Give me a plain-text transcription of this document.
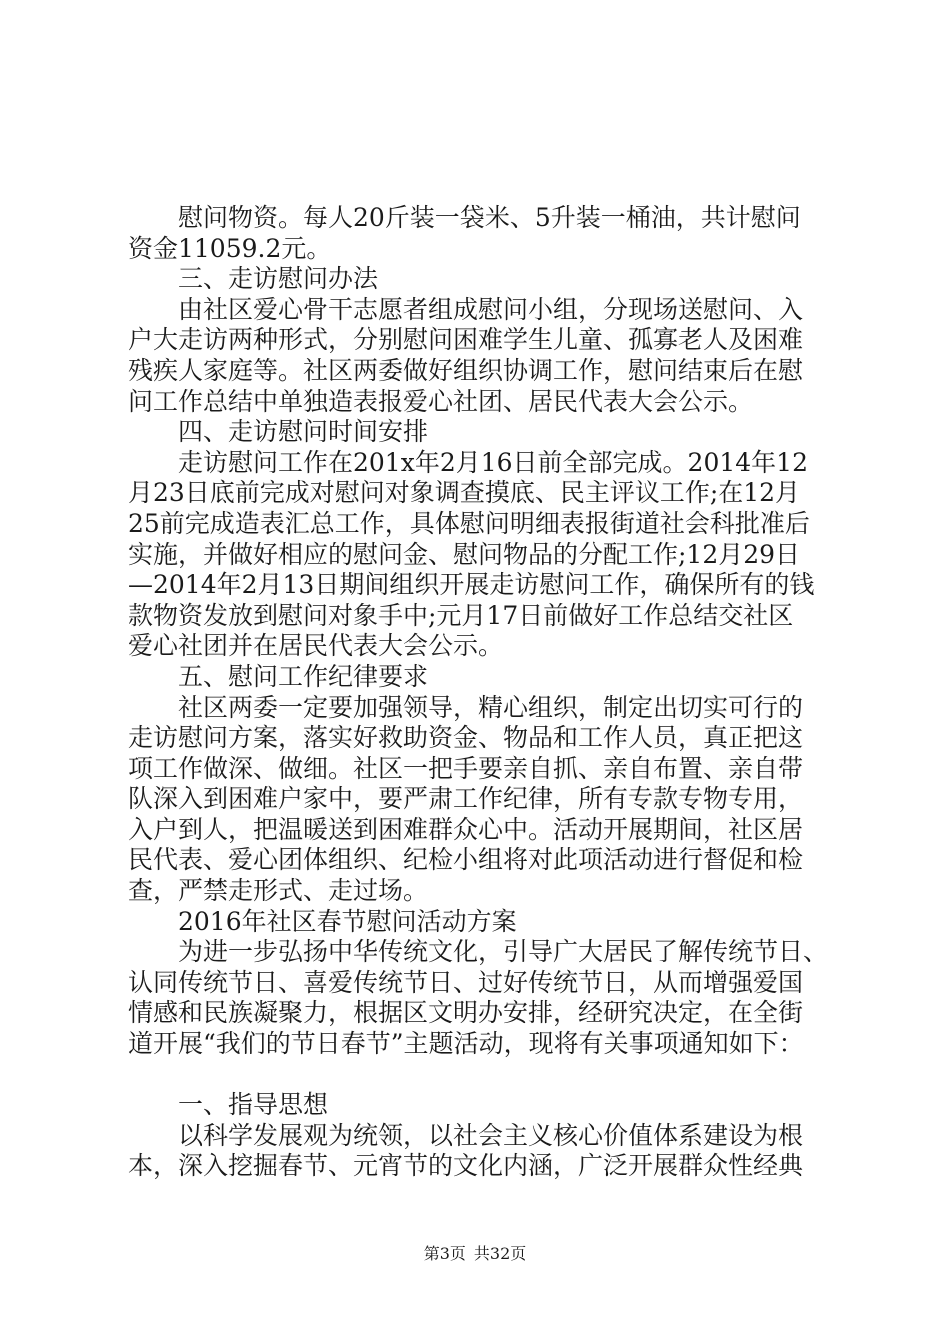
慰问物资。每人20斤装一袋米、5升装一桶油，共计慰问
资金11059.2元。
三、走访慰问办法
由社区爱心骨干志愿者组成慰问小组，分现场送慰问、入
户大走访两种形式，分别慰问困难学生儿童、孤寡老人及困难
残疾人家庭等。社区两委做好组织协调工作，慰问结束后在慰
问工作总结中单独造表报爱心社团、居民代表大会公示。
四、走访慰问时间安排
走访慰问工作在201x年2月16日前全部完成。2014年12
月23日底前完成对慰问对象调查摸底、民主评议工作;在12月
25前完成造表汇总工作，具体慰问明细表报街道社会科批准后
实施，并做好相应的慰问金、慰问物品的分配工作;12月29日
—2014年2月13日期间组织开展走访慰问工作，确保所有的钱
款物资发放到慰问对象手中;元月17日前做好工作总结交社区
爱心社团并在居民代表大会公示。
五、慰问工作纪律要求
社区两委一定要加强领导，精心组织，制定出切实可行的
走访慰问方案，落实好救助资金、物品和工作人员，真正把这
项工作做深、做细。社区一把手要亲自抓、亲自布置、亲自带
队深入到困难户家中，要严肃工作纪律，所有专款专物专用，
入户到人，把温暖送到困难群众心中。活动开展期间，社区居
民代表、爱心团体组织、纪检小组将对此项活动进行督促和检
查，严禁走形式、走过场。
2016年社区春节慰问活动方案
为进一步弘扬中华传统文化，引导广大居民了解传统节日、
认同传统节日、喜爱传统节日、过好传统节日，从而增强爱国
情感和民族凝聚力，根据区文明办安排，经研究决定，在全街
道开展“我们的节日春节”主题活动，现将有关事项通知如下：
一、指导思想
以科学发展观为统领，以社会主义核心价值体系建设为根
本，深入挖掘春节、元宵节的文化内涵，广泛开展群众性经典
第3页 共32页
